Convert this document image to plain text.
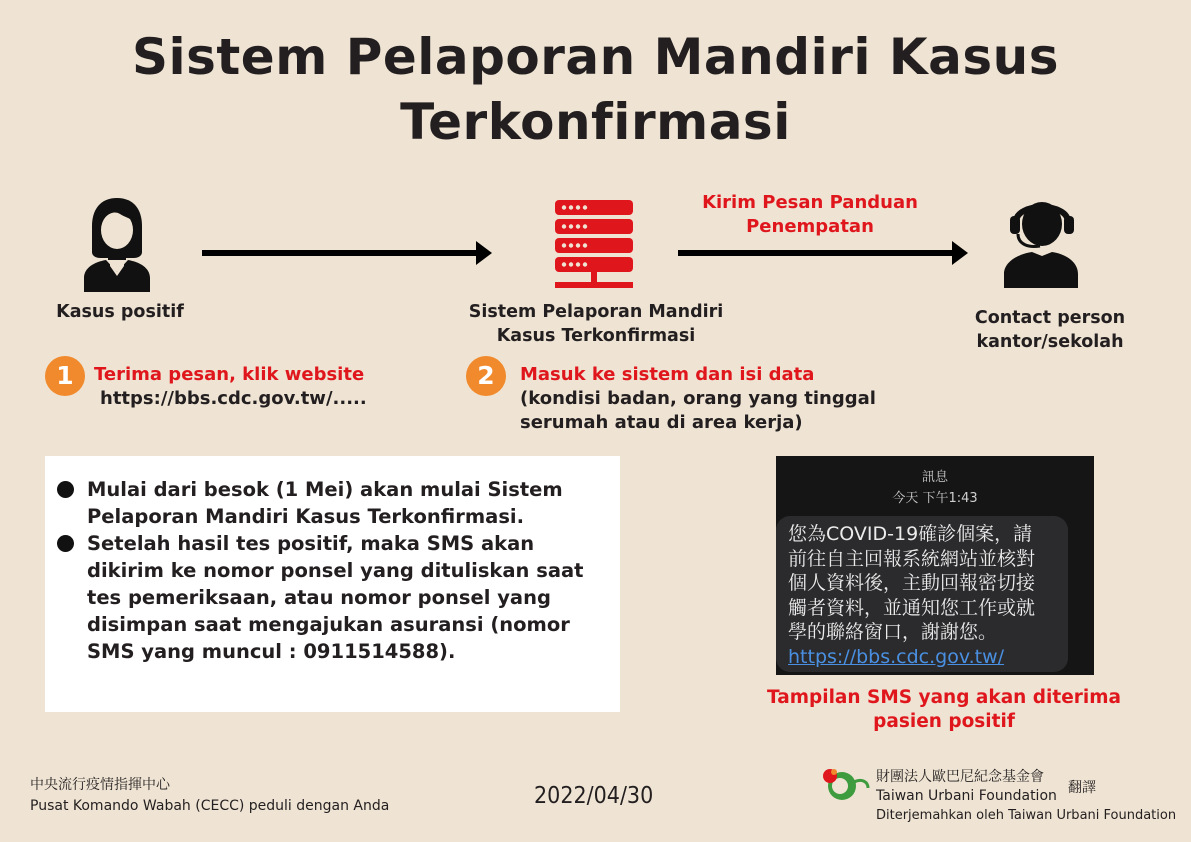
Sistem Pelaporan Mandiri Kasus
Terkonfirmasi
Kirim Pesan Panduan
Penempatan
Kasus positif	Sistem Pelaporan Mandiri
Kasus Terkonfirmasi
Contact person
kantor/sekolah
1	Terima pesan, klik website
https://bbs.cdc.gov.tw/.....
2	Masuk ke sistem dan isi data
(kondisi badan, orang yang tinggal
serumah atau di area kerja)
Mulai dari besok (1 Mei) akan mulai Sistem
Pelaporan Mandiri Kasus Terkonfirmasi.
Setelah hasil tes positif, maka SMS akan
dikirim ke nomor ponsel yang dituliskan saat
tes pemeriksaan, atau nomor ponsel yang
disimpan saat mengajukan asuransi (nomor
SMS yang muncul : 0911514588).
訊息
今天 下午1:43
您為COVID-19確診個案，請
前往自主回報系統網站並核對
個人資料後，主動回報密切接
觸者資料，並通知您工作或就
學的聯絡窗口，謝謝您。
https://bbs.cdc.gov.tw/
Tampilan SMS yang akan diterima
pasien positif
中央流行疫情指揮中心
Pusat Komando Wabah (CECC) peduli dengan Anda	2022/04/30
財團法人歐巴尼紀念基金會
Taiwan Urbani Foundation 翻譯
Diterjemahkan oleh Taiwan Urbani Foundation
